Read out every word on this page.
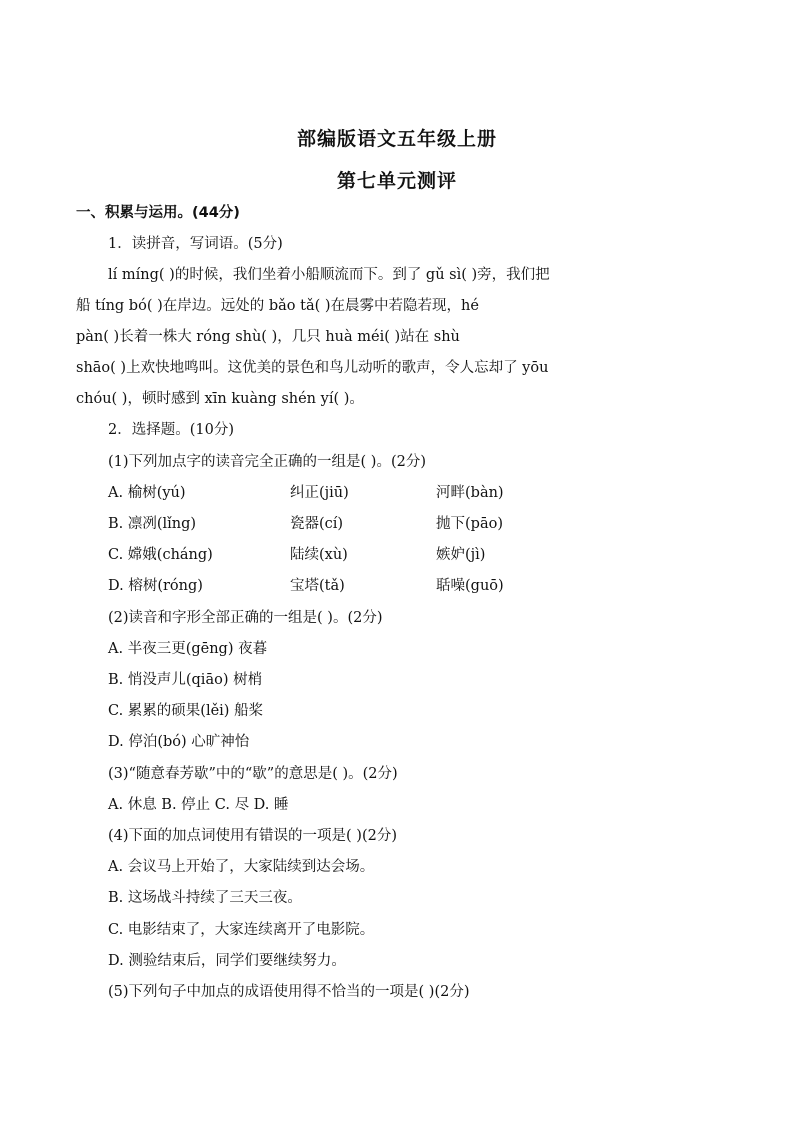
部编版语文五年级上册
第七单元测评
一、积累与运用。(44分)
1．读拼音，写词语。(5分)
lí míng( )的时候，我们坐着小船顺流而下。到了 gǔ sì( )旁，我们把
船 tíng bó( )在岸边。远处的 bǎo tǎ( )在晨雾中若隐若现，hé
pàn( )长着一株大 róng shù( )，几只 huà méi( )站在 shù
shāo( )上欢快地鸣叫。这优美的景色和鸟儿动听的歌声，令人忘却了 yōu
chóu( )，顿时感到 xīn kuàng shén yí( )。
2．选择题。(10分)
(1)下列加点字的读音完全正确的一组是( )。(2分)
A. 榆树(yú)	纠正(jiū)	河畔(bàn)
B. 凛冽(lǐng)	瓷器(cí)	抛下(pāo)
C. 嫦娥(cháng)	陆续(xù)	嫉妒(jì)
D. 榕树(róng)	宝塔(tǎ)	聒噪(guō)
(2)读音和字形全部正确的一组是( )。(2分)
A. 半夜三更(gēng) 夜暮
B. 悄没声儿(qiāo) 树梢
C. 累累的硕果(lěi) 船桨
D. 停泊(bó) 心旷神怡
(3)“随意春芳歇”中的“歇”的意思是( )。(2分)
A. 休息 B. 停止 C. 尽 D. 睡
(4)下面的加点词使用有错误的一项是( )(2分)
A. 会议马上开始了，大家陆续到达会场。
B. 这场战斗持续了三天三夜。
C. 电影结束了，大家连续离开了电影院。
D. 测验结束后，同学们要继续努力。
(5)下列句子中加点的成语使用得不恰当的一项是( )(2分)
